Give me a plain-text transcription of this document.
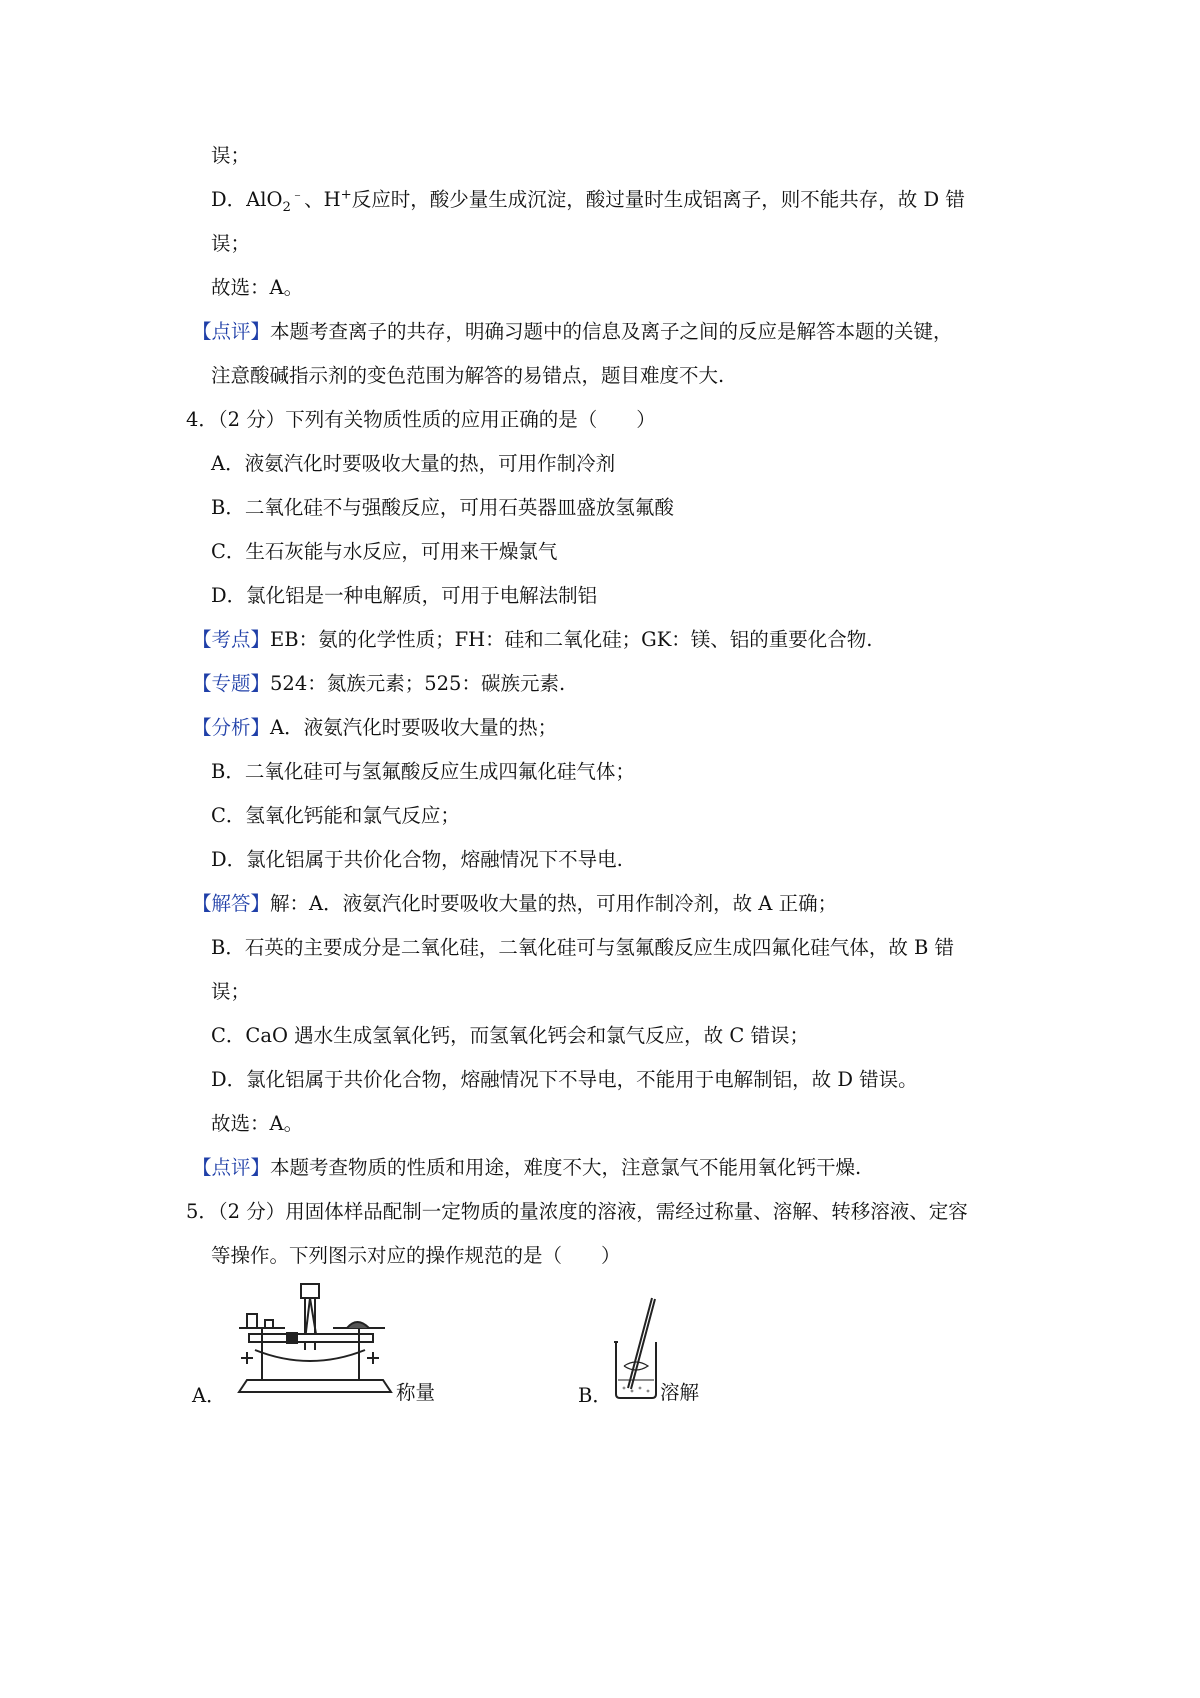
误；
D．AlO$_2$﹣、H+反应时，酸少量生成沉淀，酸过量时生成铝离子，则不能共存，故 D 错
误；
故选：A。
【点评】本题考查离子的共存，明确习题中的信息及离子之间的反应是解答本题的关键，
注意酸碱指示剂的变色范围为解答的易错点，题目难度不大.
4．（2 分）下列有关物质性质的应用正确的是（　　）
A．液氨汽化时要吸收大量的热，可用作制冷剂
B．二氧化硅不与强酸反应，可用石英器皿盛放氢氟酸
C．生石灰能与水反应，可用来干燥氯气
D．氯化铝是一种电解质，可用于电解法制铝
【考点】EB：氨的化学性质；FH：硅和二氧化硅；GK：镁、铝的重要化合物.
【专题】524：氮族元素；525：碳族元素.
【分析】A．液氨汽化时要吸收大量的热；
B．二氧化硅可与氢氟酸反应生成四氟化硅气体；
C．氢氧化钙能和氯气反应；
D．氯化铝属于共价化合物，熔融情况下不导电.
【解答】解：A．液氨汽化时要吸收大量的热，可用作制冷剂，故 A 正确；
B．石英的主要成分是二氧化硅，二氧化硅可与氢氟酸反应生成四氟化硅气体，故 B 错
误；
C．CaO 遇水生成氢氧化钙，而氢氧化钙会和氯气反应，故 C 错误；
D．氯化铝属于共价化合物，熔融情况下不导电，不能用于电解制铝，故 D 错误。
故选：A。
【点评】本题考查物质的性质和用途，难度不大，注意氯气不能用氧化钙干燥.
5．（2 分）用固体样品配制一定物质的量浓度的溶液，需经过称量、溶解、转移溶液、定容
等操作。下列图示对应的操作规范的是（　　）
A．	称量	B． 溶解
